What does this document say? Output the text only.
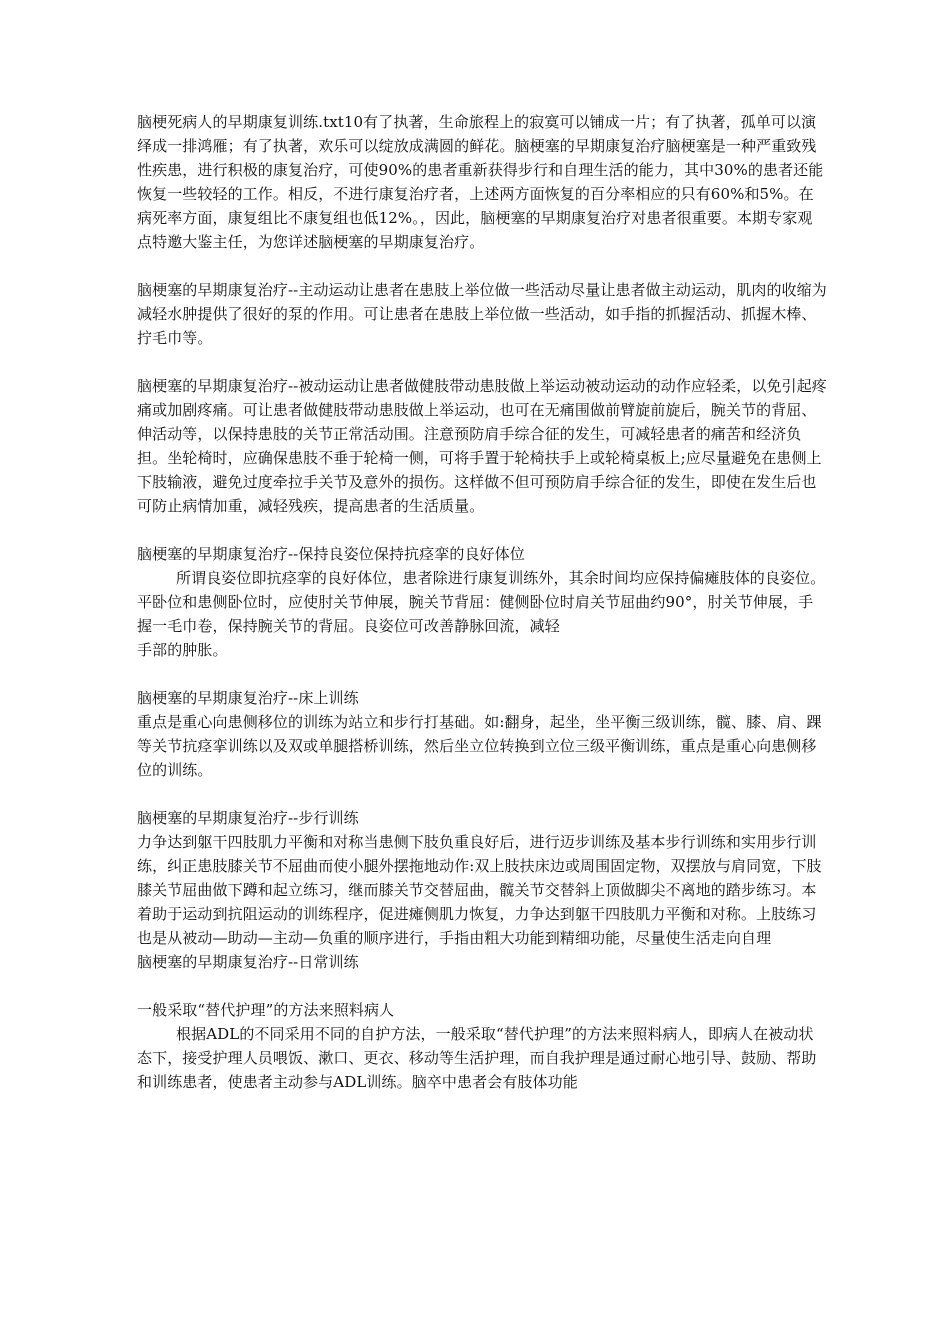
脑梗死病人的早期康复训练.txt10有了执著，生命旅程上的寂寞可以铺成一片；有了执著，孤单可以演绎成一排鸿雁；有了执著，欢乐可以绽放成满圆的鲜花。脑梗塞的早期康复治疗脑梗塞是一种严重致残性疾患，进行积极的康复治疗，可使90%的患者重新获得步行和自理生活的能力，其中30%的患者还能恢复一些较轻的工作。相反，不进行康复治疗者，上述两方面恢复的百分率相应的只有60%和5%。在病死率方面，康复组比不康复组也低12%。，因此，脑梗塞的早期康复治疗对患者很重要。本期专家观点特邀大鉴主任，为您详述脑梗塞的早期康复治疗。

脑梗塞的早期康复治疗--主动运动让患者在患肢上举位做一些活动尽量让患者做主动运动，肌肉的收缩为减轻水肿提供了很好的泵的作用。可让患者在患肢上举位做一些活动，如手指的抓握活动、抓握木棒、拧毛巾等。

脑梗塞的早期康复治疗--被动运动让患者做健肢带动患肢做上举运动被动运动的动作应轻柔，以免引起疼痛或加剧疼痛。可让患者做健肢带动患肢做上举运动，也可在无痛围做前臂旋前旋后，腕关节的背屈、伸活动等，以保持患肢的关节正常活动围。注意预防肩手综合征的发生，可减轻患者的痛苦和经济负担。坐轮椅时，应确保患肢不垂于轮椅一侧，可将手置于轮椅扶手上或轮椅桌板上;应尽量避免在患侧上下肢输液，避免过度牵拉手关节及意外的损伤。这样做不但可预防肩手综合征的发生，即使在发生后也可防止病情加重，减轻残疾，提高患者的生活质量。

脑梗塞的早期康复治疗--保持良姿位保持抗痉挛的良好体位

所谓良姿位即抗痉挛的良好体位，患者除进行康复训练外，其余时间均应保持偏瘫肢体的良姿位。平卧位和患侧卧位时，应使肘关节伸展，腕关节背屈：健侧卧位时肩关节屈曲约90°，肘关节伸展，手握一毛巾卷，保持腕关节的背屈。良姿位可改善静脉回流，减轻

手部的肿胀。

脑梗塞的早期康复治疗--床上训练

重点是重心向患侧移位的训练为站立和步行打基础。如:翻身，起坐，坐平衡三级训练，髋、膝、肩、踝等关节抗痉挛训练以及双或单腿搭桥训练，然后坐立位转换到立位三级平衡训练，重点是重心向患侧移位的训练。

脑梗塞的早期康复治疗--步行训练

力争达到躯干四肢肌力平衡和对称当患侧下肢负重良好后，进行迈步训练及基本步行训练和实用步行训练，纠正患肢膝关节不屈曲而使小腿外摆拖地动作:双上肢扶床边或周围固定物，双摆放与肩同宽，下肢膝关节屈曲做下蹲和起立练习，继而膝关节交替屈曲，髋关节交替斜上顶做脚尖不离地的踏步练习。本着助于运动到抗阻运动的训练程序，促进瘫侧肌力恢复，力争达到躯干四肢肌力平衡和对称。上肢练习也是从被动—助动—主动—负重的顺序进行，手指由粗大功能到精细功能，尽量使生活走向自理

脑梗塞的早期康复治疗--日常训练

一般采取“替代护理”的方法来照料病人

根据ADL的不同采用不同的自护方法，一般采取“替代护理”的方法来照料病人，即病人在被动状态下，接受护理人员喂饭、漱口、更衣、移动等生活护理，而自我护理是通过耐心地引导、鼓励、帮助和训练患者，使患者主动参与ADL训练。脑卒中患者会有肢体功能
